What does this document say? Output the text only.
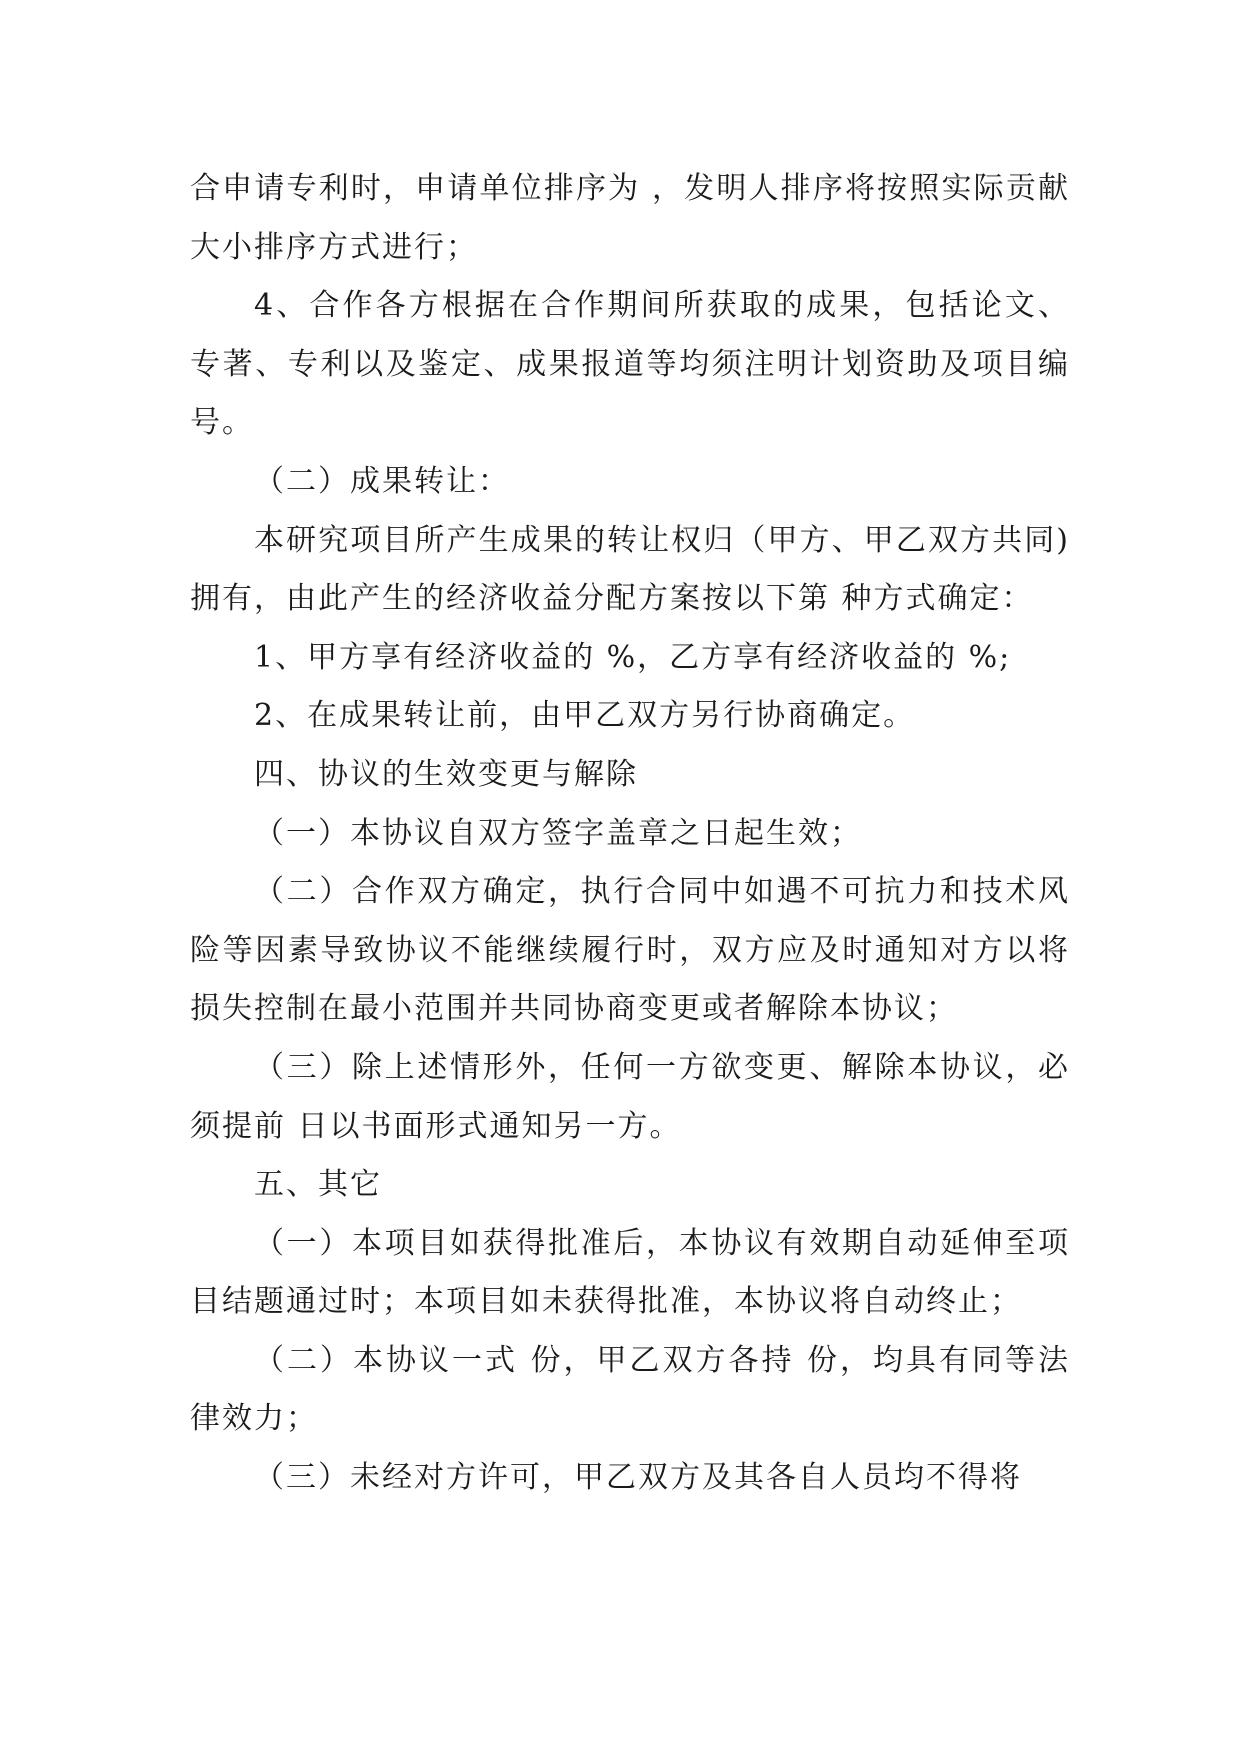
合申请专利时，申请单位排序为 ，发明人排序将按照实际贡献大小排序方式进行；

4、合作各方根据在合作期间所获取的成果，包括论文、专著、专利以及鉴定、成果报道等均须注明计划资助及项目编号。

（二）成果转让：

本研究项目所产生成果的转让权归（甲方、甲乙双方共同)拥有，由此产生的经济收益分配方案按以下第 种方式确定：

1、甲方享有经济收益的 %，乙方享有经济收益的 %;

2、在成果转让前，由甲乙双方另行协商确定。

四、协议的生效变更与解除

（一）本协议自双方签字盖章之日起生效；

（二）合作双方确定，执行合同中如遇不可抗力和技术风险等因素导致协议不能继续履行时，双方应及时通知对方以将损失控制在最小范围并共同协商变更或者解除本协议；

（三）除上述情形外，任何一方欲变更、解除本协议，必须提前 日以书面形式通知另一方。

五、其它

（一）本项目如获得批准后，本协议有效期自动延伸至项目结题通过时；本项目如未获得批准，本协议将自动终止；

（二）本协议一式 份，甲乙双方各持 份，均具有同等法律效力；

（三）未经对方许可，甲乙双方及其各自人员均不得将
